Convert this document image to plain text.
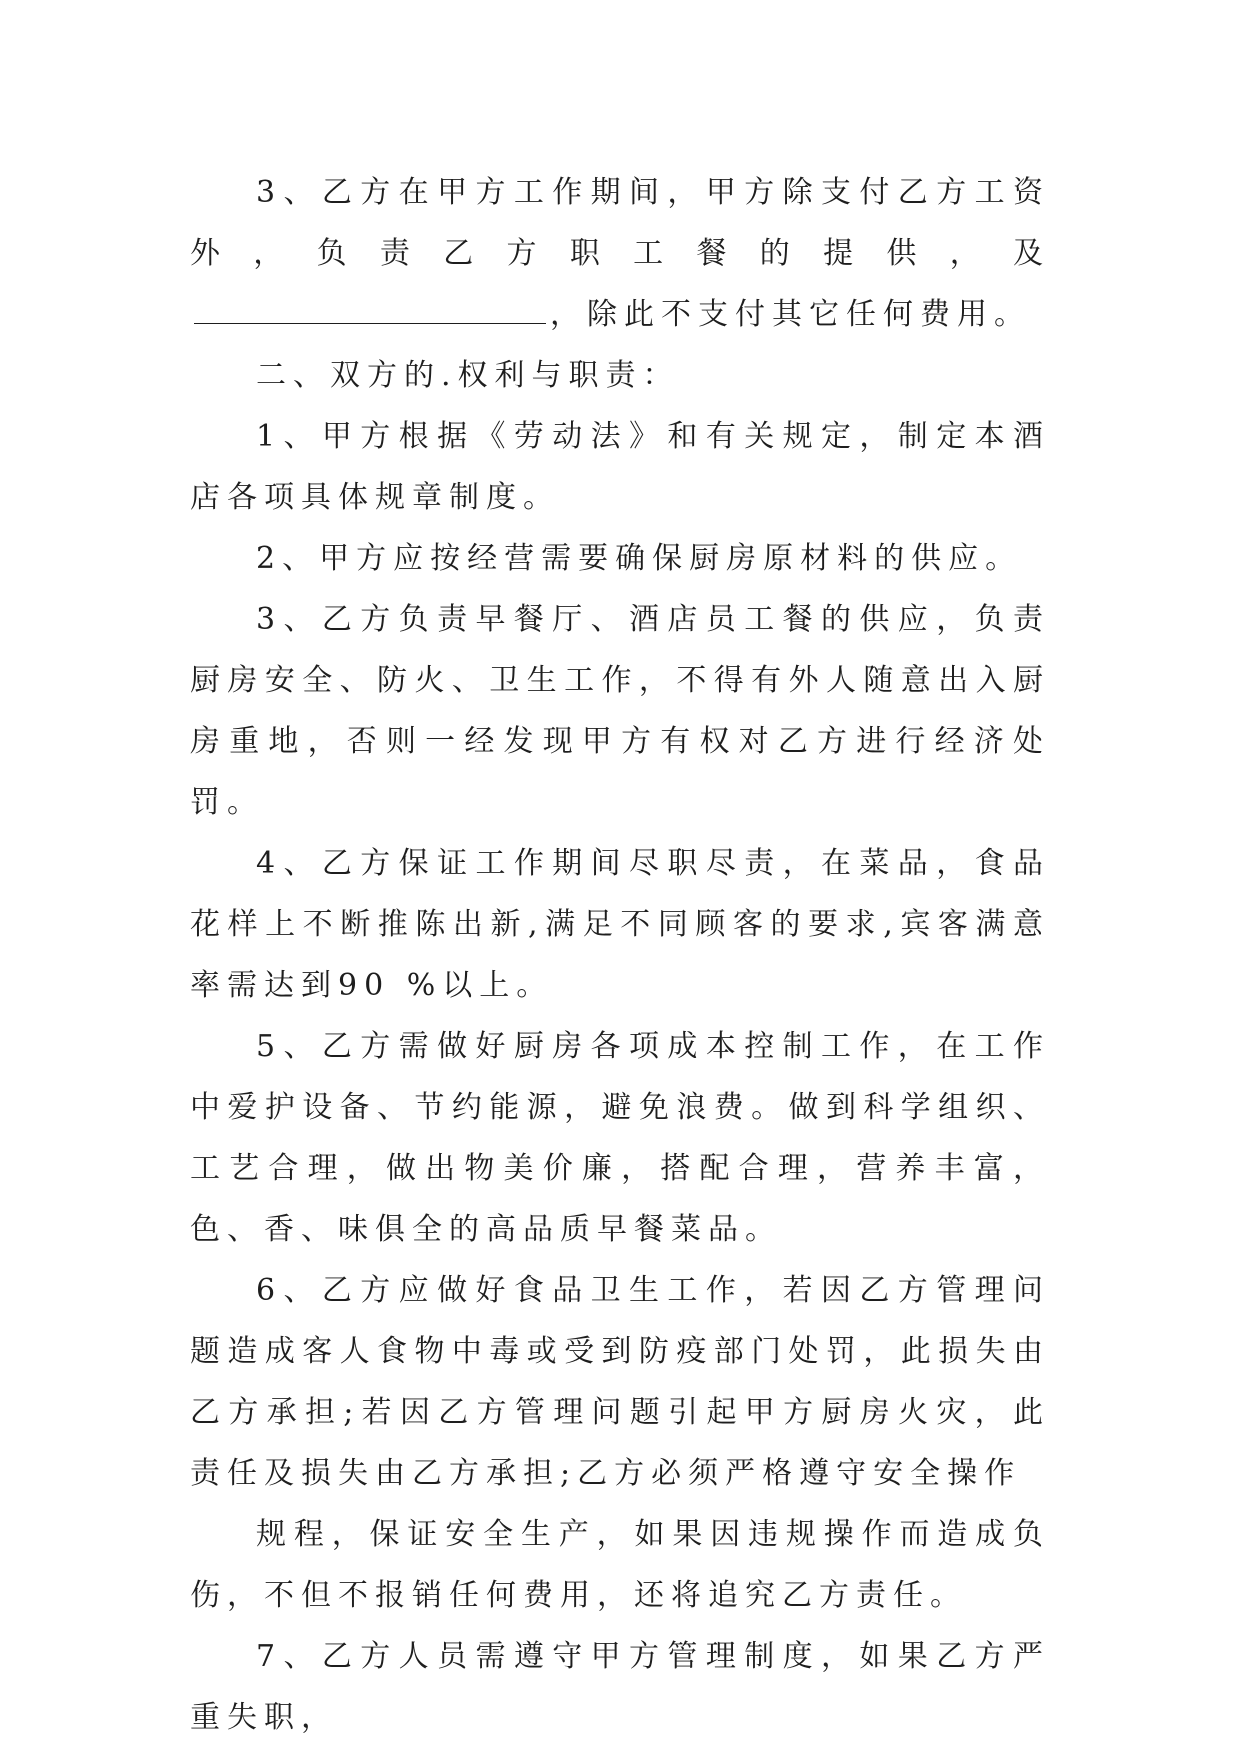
3、乙方在甲方工作期间，甲方除支付乙方工资外，负责乙方职工餐的提供，及，除此不支付其它任何费用。

二、双方的.权利与职责：

1、甲方根据《劳动法》和有关规定，制定本酒店各项具体规章制度。

2、甲方应按经营需要确保厨房原材料的供应。

3、乙方负责早餐厅、酒店员工餐的供应，负责厨房安全、防火、卫生工作，不得有外人随意出入厨房重地，否则一经发现甲方有权对乙方进行经济处罚。

4、乙方保证工作期间尽职尽责，在菜品，食品花样上不断推陈出新,满足不同顾客的要求,宾客满意率需达到90 %以上。

5、乙方需做好厨房各项成本控制工作，在工作中爱护设备、节约能源，避免浪费。做到科学组织、工艺合理，做出物美价廉，搭配合理，营养丰富，色、香、味俱全的高品质早餐菜品。

6、乙方应做好食品卫生工作，若因乙方管理问题造成客人食物中毒或受到防疫部门处罚，此损失由乙方承担;若因乙方管理问题引起甲方厨房火灾，此责任及损失由乙方承担;乙方必须严格遵守安全操作

规程，保证安全生产，如果因违规操作而造成负伤，不但不报销任何费用，还将追究乙方责任。

7、乙方人员需遵守甲方管理制度，如果乙方严重失职，
